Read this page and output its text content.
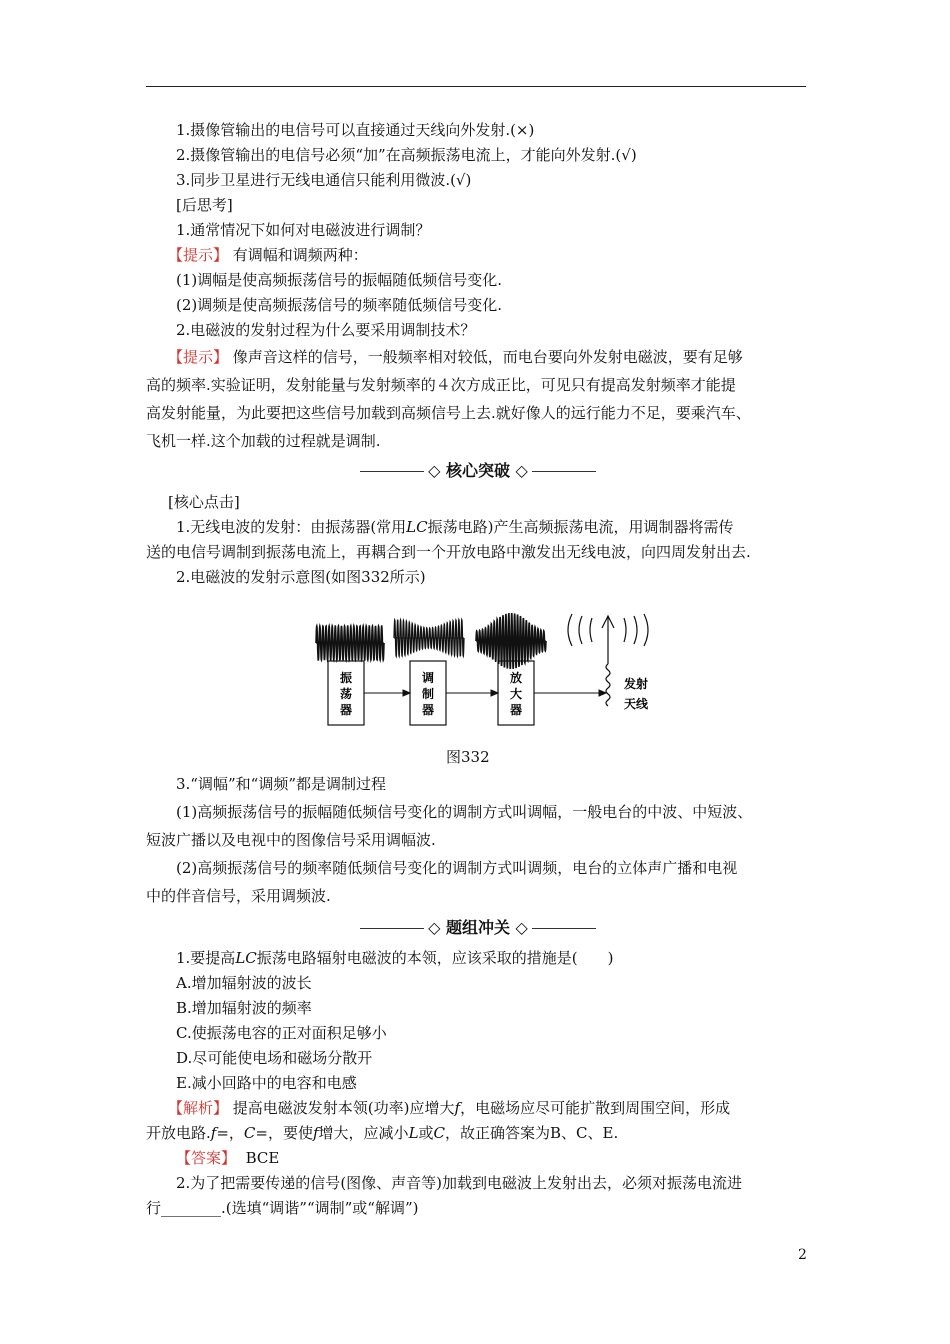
1.摄像管输出的电信号可以直接通过天线向外发射.(×)
2.摄像管输出的电信号必须“加”在高频振荡电流上，才能向外发射.(√)
3.同步卫星进行无线电通信只能利用微波.(√)
[后思考]
1.通常情况下如何对电磁波进行调制？
【提示】 有调幅和调频两种：
(1)调幅是使高频振荡信号的振幅随低频信号变化.
(2)调频是使高频振荡信号的频率随低频信号变化.
2.电磁波的发射过程为什么要采用调制技术？
【提示】 像声音这样的信号，一般频率相对较低，而电台要向外发射电磁波，要有足够
高的频率.实验证明，发射能量与发射频率的４次方成正比，可见只有提高发射频率才能提
高发射能量，为此要把这些信号加载到高频信号上去.就好像人的远行能力不足，要乘汽车、
飞机一样.这个加载的过程就是调制.
◇ 核心突破 ◇
[核心点击]
1.无线电波的发射：由振荡器(常用LC振荡电路)产生高频振荡电流，用调制器将需传
送的电信号调制到振荡电流上，再耦合到一个开放电路中激发出无线电波，向四周发射出去.
2.电磁波的发射示意图(如图332所示)
发射
天线
振
荡
器
调
制
器
放
大
器
图332
3.“调幅”和“调频”都是调制过程
(1)高频振荡信号的振幅随低频信号变化的调制方式叫调幅，一般电台的中波、中短波、
短波广播以及电视中的图像信号采用调幅波.
(2)高频振荡信号的频率随低频信号变化的调制方式叫调频，电台的立体声广播和电视
中的伴音信号，采用调频波.
◇ 题组冲关 ◇
1.要提高LC振荡电路辐射电磁波的本领，应该采取的措施是(　　)
A.增加辐射波的波长
B.增加辐射波的频率
C.使振荡电容的正对面积足够小
D.尽可能使电场和磁场分散开
E.减小回路中的电容和电感
【解析】 提高电磁波发射本领(功率)应增大f，电磁场应尽可能扩散到周围空间，形成
开放电路.f=，C=，要使f增大，应减小L或C，故正确答案为B、C、E.
【答案】 BCE
2.为了把需要传递的信号(图像、声音等)加载到电磁波上发射出去，必须对振荡电流进
行________.(选填“调谐”“调制”或“解调”)
2
